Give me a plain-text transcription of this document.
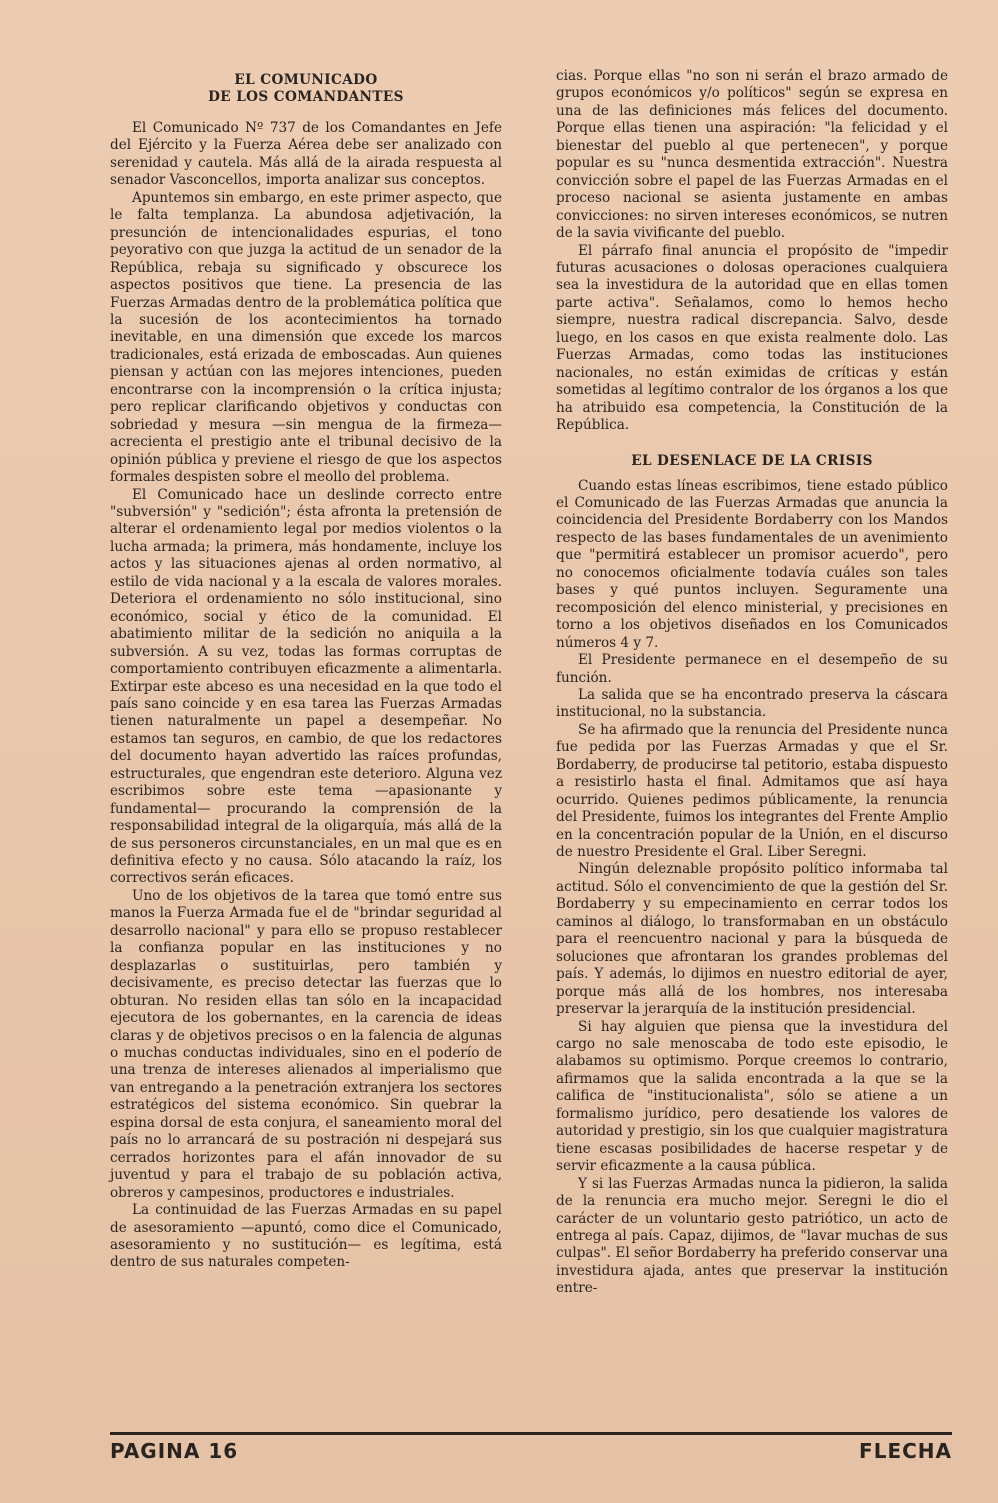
EL COMUNICADO
DE LOS COMANDANTES

El Comunicado Nº 737 de los Comandantes en Jefe del Ejército y la Fuerza Aérea debe ser analizado con serenidad y cautela. Más allá de la airada respuesta al senador Vasconcellos, importa analizar sus conceptos.

Apuntemos sin embargo, en este primer aspecto, que le falta templanza. La abundosa adjetivación, la presunción de intencionalidades espurias, el tono peyorativo con que juzga la actitud de un senador de la República, rebaja su significado y obscurece los aspectos positivos que tiene. La presencia de las Fuerzas Armadas dentro de la problemática política que la sucesión de los acontecimientos ha tornado inevitable, en una dimensión que excede los marcos tradicionales, está erizada de emboscadas. Aun quienes piensan y actúan con las mejores intenciones, pueden encontrarse con la incomprensión o la crítica injusta; pero replicar clarificando objetivos y conductas con sobriedad y mesura —sin mengua de la firmeza— acrecienta el prestigio ante el tribunal decisivo de la opinión pública y previene el riesgo de que los aspectos formales despisten sobre el meollo del problema.

El Comunicado hace un deslinde correcto entre "subversión" y "sedición"; ésta afronta la pretensión de alterar el ordenamiento legal por medios violentos o la lucha armada; la primera, más hondamente, incluye los actos y las situaciones ajenas al orden normativo, al estilo de vida nacional y a la escala de valores morales. Deteriora el ordenamiento no sólo institucional, sino económico, social y ético de la comunidad. El abatimiento militar de la sedición no aniquila a la subversión. A su vez, todas las formas corruptas de comportamiento contribuyen eficazmente a alimentarla. Extirpar este abceso es una necesidad en la que todo el país sano coincide y en esa tarea las Fuerzas Armadas tienen naturalmente un papel a desempeñar. No estamos tan seguros, en cambio, de que los redactores del documento hayan advertido las raíces profundas, estructurales, que engendran este deterioro. Alguna vez escribimos sobre este tema —apasionante y fundamental— procurando la comprensión de la responsabilidad integral de la oligarquía, más allá de la de sus personeros circunstanciales, en un mal que es en definitiva efecto y no causa. Sólo atacando la raíz, los correctivos serán eficaces.

Uno de los objetivos de la tarea que tomó entre sus manos la Fuerza Armada fue el de "brindar seguridad al desarrollo nacional" y para ello se propuso restablecer la confianza popular en las instituciones y no desplazarlas o sustituirlas, pero también y decisivamente, es preciso detectar las fuerzas que lo obturan. No residen ellas tan sólo en la incapacidad ejecutora de los gobernantes, en la carencia de ideas claras y de objetivos precisos o en la falencia de algunas o muchas conductas individuales, sino en el poderío de una trenza de intereses alienados al imperialismo que van entregando a la penetración extranjera los sectores estratégicos del sistema económico. Sin quebrar la espina dorsal de esta conjura, el saneamiento moral del país no lo arrancará de su postración ni despejará sus cerrados horizontes para el afán innovador de su juventud y para el trabajo de su población activa, obreros y campesinos, productores e industriales.

La continuidad de las Fuerzas Armadas en su papel de asesoramiento —apuntó, como dice el Comunicado, asesoramiento y no sustitución— es legítima, está dentro de sus naturales competen-

cias. Porque ellas "no son ni serán el brazo armado de grupos económicos y/o políticos" según se expresa en una de las definiciones más felices del documento. Porque ellas tienen una aspiración: "la felicidad y el bienestar del pueblo al que pertenecen", y porque popular es su "nunca desmentida extracción". Nuestra convicción sobre el papel de las Fuerzas Armadas en el proceso nacional se asienta justamente en ambas convicciones: no sirven intereses económicos, se nutren de la savia vivificante del pueblo.

El párrafo final anuncia el propósito de "impedir futuras acusaciones o dolosas operaciones cualquiera sea la investidura de la autoridad que en ellas tomen parte activa". Señalamos, como lo hemos hecho siempre, nuestra radical discrepancia. Salvo, desde luego, en los casos en que exista realmente dolo. Las Fuerzas Armadas, como todas las instituciones nacionales, no están eximidas de críticas y están sometidas al legítimo contralor de los órganos a los que ha atribuido esa competencia, la Constitución de la República.

EL DESENLACE DE LA CRISIS

Cuando estas líneas escribimos, tiene estado público el Comunicado de las Fuerzas Armadas que anuncia la coincidencia del Presidente Bordaberry con los Mandos respecto de las bases fundamentales de un avenimiento que "permitirá establecer un promisor acuerdo", pero no conocemos oficialmente todavía cuáles son tales bases y qué puntos incluyen. Seguramente una recomposición del elenco ministerial, y precisiones en torno a los objetivos diseñados en los Comunicados números 4 y 7.

El Presidente permanece en el desempeño de su función.

La salida que se ha encontrado preserva la cáscara institucional, no la substancia.

Se ha afirmado que la renuncia del Presidente nunca fue pedida por las Fuerzas Armadas y que el Sr. Bordaberry, de producirse tal petitorio, estaba dispuesto a resistirlo hasta el final. Admitamos que así haya ocurrido. Quienes pedimos públicamente, la renuncia del Presidente, fuimos los integrantes del Frente Amplio en la concentración popular de la Unión, en el discurso de nuestro Presidente el Gral. Liber Seregni.

Ningún deleznable propósito político informaba tal actitud. Sólo el convencimiento de que la gestión del Sr. Bordaberry y su empecinamiento en cerrar todos los caminos al diálogo, lo transformaban en un obstáculo para el reencuentro nacional y para la búsqueda de soluciones que afrontaran los grandes problemas del país. Y además, lo dijimos en nuestro editorial de ayer, porque más allá de los hombres, nos interesaba preservar la jerarquía de la institución presidencial.

Si hay alguien que piensa que la investidura del cargo no sale menoscaba de todo este episodio, le alabamos su optimismo. Porque creemos lo contrario, afirmamos que la salida encontrada a la que se la califica de "institucionalista", sólo se atiene a un formalismo jurídico, pero desatiende los valores de autoridad y prestigio, sin los que cualquier magistratura tiene escasas posibilidades de hacerse respetar y de servir eficazmente a la causa pública.

Y si las Fuerzas Armadas nunca la pidieron, la salida de la renuncia era mucho mejor. Seregni le dio el carácter de un voluntario gesto patriótico, un acto de entrega al país. Capaz, dijimos, de "lavar muchas de sus culpas". El señor Bordaberry ha preferido conservar una investidura ajada, antes que preservar la institución entre-

PAGINA 16	FLECHA
